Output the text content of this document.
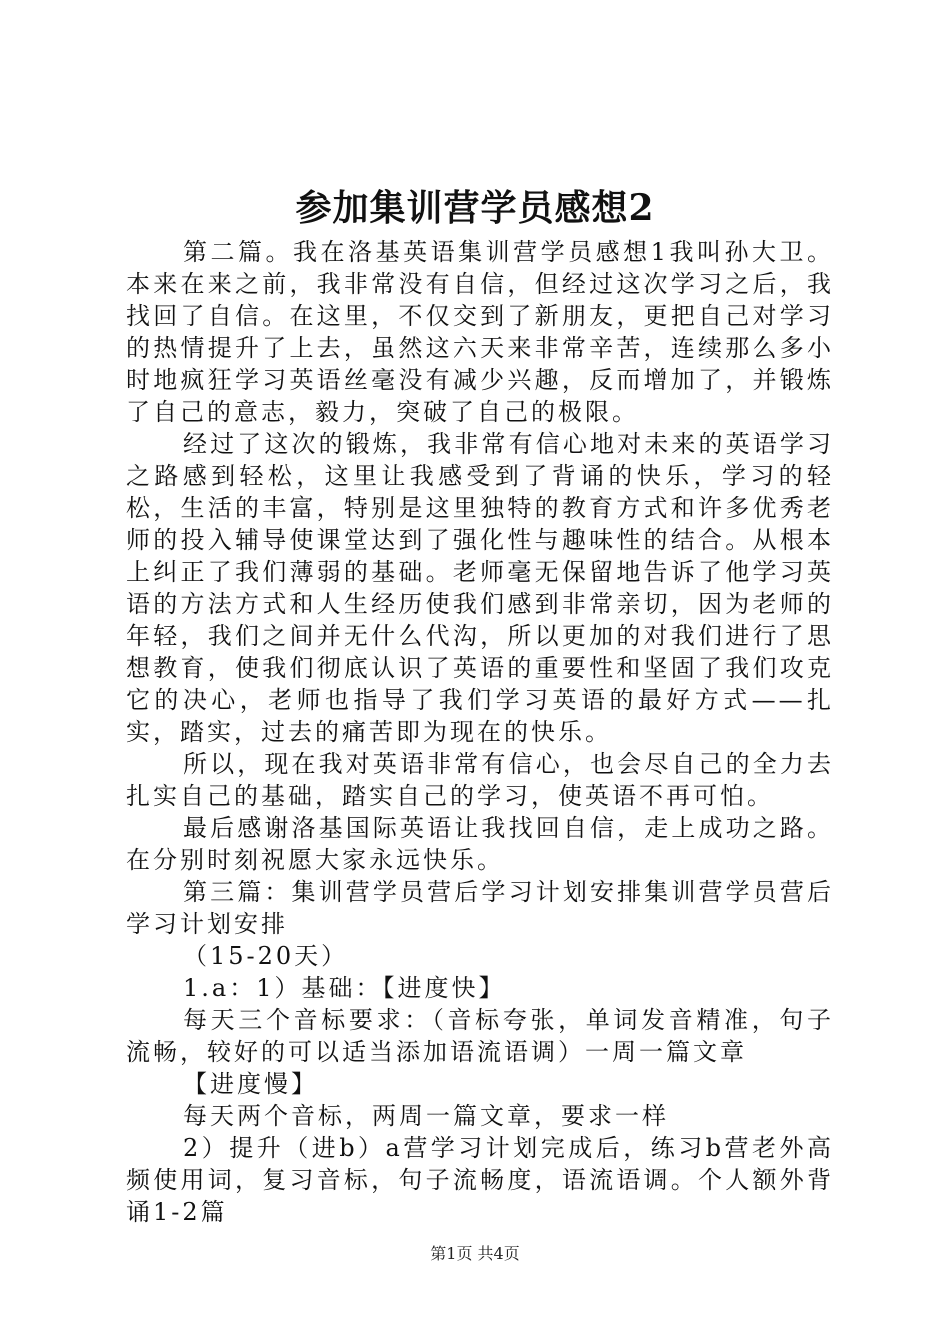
参加集训营学员感想2

第二篇。我在洛基英语集训营学员感想1我叫孙大卫。本来在来之前，我非常没有自信，但经过这次学习之后，我找回了自信。在这里，不仅交到了新朋友，更把自己对学习的热情提升了上去，虽然这六天来非常辛苦，连续那么多小时地疯狂学习英语丝毫没有减少兴趣，反而增加了，并锻炼了自己的意志，毅力，突破了自己的极限。

经过了这次的锻炼，我非常有信心地对未来的英语学习之路感到轻松，这里让我感受到了背诵的快乐，学习的轻松，生活的丰富，特别是这里独特的教育方式和许多优秀老师的投入辅导使课堂达到了强化性与趣味性的结合。从根本上纠正了我们薄弱的基础。老师毫无保留地告诉了他学习英语的方法方式和人生经历使我们感到非常亲切，因为老师的年轻，我们之间并无什么代沟，所以更加的对我们进行了思想教育，使我们彻底认识了英语的重要性和坚固了我们攻克它的决心，老师也指导了我们学习英语的最好方式——扎实，踏实，过去的痛苦即为现在的快乐。

所以，现在我对英语非常有信心，也会尽自己的全力去扎实自己的基础，踏实自己的学习，使英语不再可怕。

最后感谢洛基国际英语让我找回自信，走上成功之路。在分别时刻祝愿大家永远快乐。

第三篇：集训营学员营后学习计划安排集训营学员营后学习计划安排

（15-20天）

1.a：1）基础：【进度快】

每天三个音标要求：（音标夸张，单词发音精准，句子流畅，较好的可以适当添加语流语调）一周一篇文章

【进度慢】

每天两个音标，两周一篇文章，要求一样

2）提升（进b）a营学习计划完成后，练习b营老外高频使用词，复习音标，句子流畅度，语流语调。个人额外背诵1-2篇

第1页 共4页
